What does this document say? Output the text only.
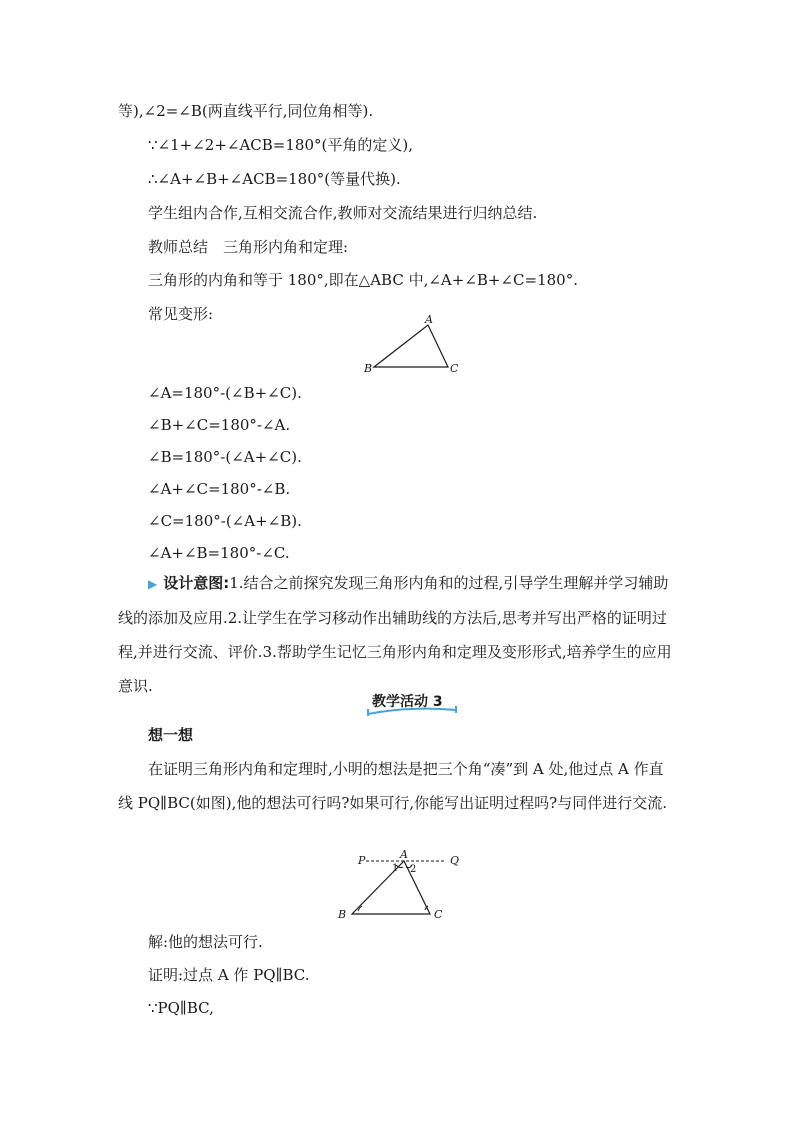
等),∠2=∠B(两直线平行,同位角相等).
∵∠1+∠2+∠ACB=180°(平角的定义),
∴∠A+∠B+∠ACB=180°(等量代换).
学生组内合作,互相交流合作,教师对交流结果进行归纳总结.
教师总结　三角形内角和定理:
三角形的内角和等于 180°,即在△ABC 中,∠A+∠B+∠C=180°.
常见变形:	A
B	C
∠A=180°-(∠B+∠C).
∠B+∠C=180°-∠A.
∠B=180°-(∠A+∠C).
∠A+∠C=180°-∠B.
∠C=180°-(∠A+∠B).
∠A+∠B=180°-∠C.
▶ 设计意图:1.结合之前探究发现三角形内角和的过程,引导学生理解并学习辅助线的添加及应用.2.让学生在学习移动作出辅助线的方法后,思考并写出严格的证明过程,并进行交流、评价.3.帮助学生记忆三角形内角和定理及变形形式,培养学生的应用意识.
教学活动 3
想一想
在证明三角形内角和定理时,小明的想法是把三个角“凑”到 A 处,他过点 A 作直线 PQ∥BC(如图),他的想法可行吗?如果可行,你能写出证明过程吗?与同伴进行交流.
P	A	Q
1 2
B	C
解:他的想法可行.
证明:过点 A 作 PQ∥BC.
∵PQ∥BC,
